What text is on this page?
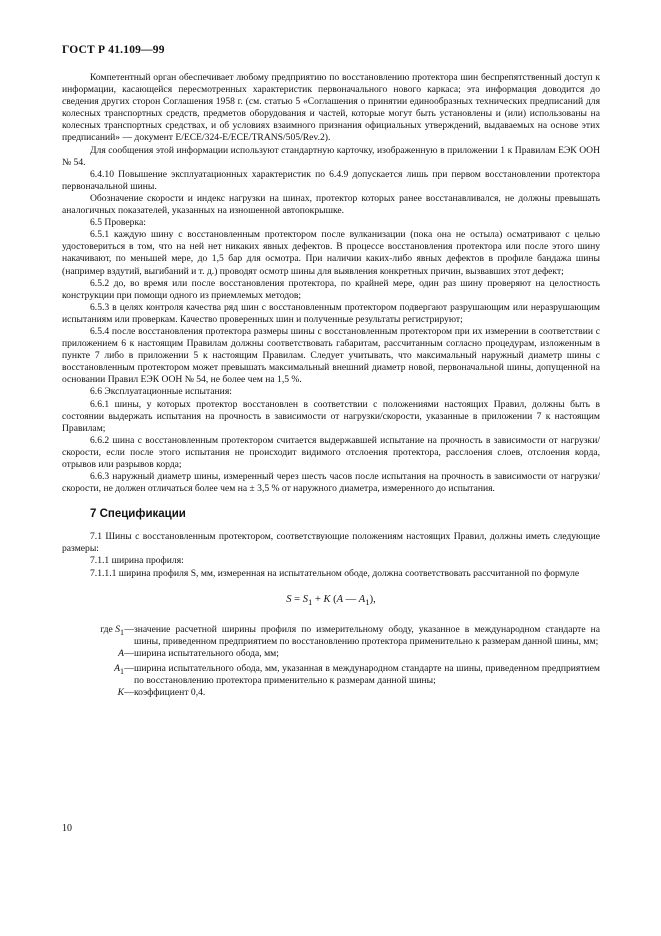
ГОСТ Р 41.109—99

Компетентный орган обеспечивает любому предприятию по восстановлению протектора шин беспрепятственный доступ к информации, касающейся пересмотренных характеристик первоначального нового каркаса; эта информация доводится до сведения других сторон Соглашения 1958 г. (см. статью 5 «Соглашения о принятии единообразных технических предписаний для колесных транспортных средств, предметов оборудования и частей, которые могут быть установлены и (или) использованы на колесных транспортных средствах, и об условиях взаимного признания официальных утверждений, выдаваемых на основе этих предписаний» — документ E/ECE/324-E/ECE/TRANS/505/Rev.2).

Для сообщения этой информации используют стандартную карточку, изображенную в приложении 1 к Правилам ЕЭК ООН № 54.

6.4.10 Повышение эксплуатационных характеристик по 6.4.9 допускается лишь при первом восстановлении протектора первоначальной шины.

Обозначение скорости и индекс нагрузки на шинах, протектор которых ранее восстанавливался, не должны превышать аналогичных показателей, указанных на изношенной автопокрышке.

6.5 Проверка:

6.5.1 каждую шину с восстановленным протектором после вулканизации (пока она не остыла) осматривают с целью удостовериться в том, что на ней нет никаких явных дефектов. В процессе восстановления протектора или после этого шину накачивают, по меньшей мере, до 1,5 бар для осмотра. При наличии каких-либо явных дефектов в профиле бандажа шины (например вздутий, выгибаний и т. д.) проводят осмотр шины для выявления конкретных причин, вызвавших этот дефект;

6.5.2 до, во время или после восстановления протектора, по крайней мере, один раз шину проверяют на целостность конструкции при помощи одного из приемлемых методов;

6.5.3 в целях контроля качества ряд шин с восстановленным протектором подвергают разрушающим или неразрушающим испытаниям или проверкам. Качество проверенных шин и полученные результаты регистрируют;

6.5.4 после восстановления протектора размеры шины с восстановленным протектором при их измерении в соответствии с приложением 6 к настоящим Правилам должны соответствовать габаритам, рассчитанным согласно процедурам, изложенным в пункте 7 либо в приложении 5 к настоящим Правилам. Следует учитывать, что максимальный наружный диаметр шины с восстановленным протектором может превышать максимальный внешний диаметр новой, первоначальной шины, допущенной на основании Правил ЕЭК ООН № 54, не более чем на 1,5 %.

6.6 Эксплуатационные испытания:

6.6.1 шины, у которых протектор восстановлен в соответствии с положениями настоящих Правил, должны быть в состоянии выдержать испытания на прочность в зависимости от нагрузки/скорости, указанные в приложении 7 к настоящим Правилам;

6.6.2 шина с восстановленным протектором считается выдержавшей испытание на прочность в зависимости от нагрузки/скорости, если после этого испытания не происходит видимого отслоения протектора, расслоения слоев, отслоения корда, отрывов или разрывов корда;

6.6.3 наружный диаметр шины, измеренный через шесть часов после испытания на прочность в зависимости от нагрузки/скорости, не должен отличаться более чем на ± 3,5 % от наружного диаметра, измеренного до испытания.

7 Спецификации

7.1 Шины с восстановленным протектором, соответствующие положениям настоящих Правил, должны иметь следующие размеры:

7.1.1 ширина профиля:

7.1.1.1 ширина профиля S, мм, измеренная на испытательном ободе, должна соответствовать рассчитанной по формуле

$S = S_1 + K$ (A — $A_1$),
где $S_1$ — значение расчетной ширины профиля по измерительному ободу, указанное в международном стандарте на шины, приведенном предприятием по восстановлению протектора применительно к размерам данной шины, мм;
A — ширина испытательного обода, мм;
$A_1$ — ширина испытательного обода, мм, указанная в международном стандарте на шины, приведенном предприятием по восстановлению протектора применительно к размерам данной шины;
K — коэффициент 0,4.
10
